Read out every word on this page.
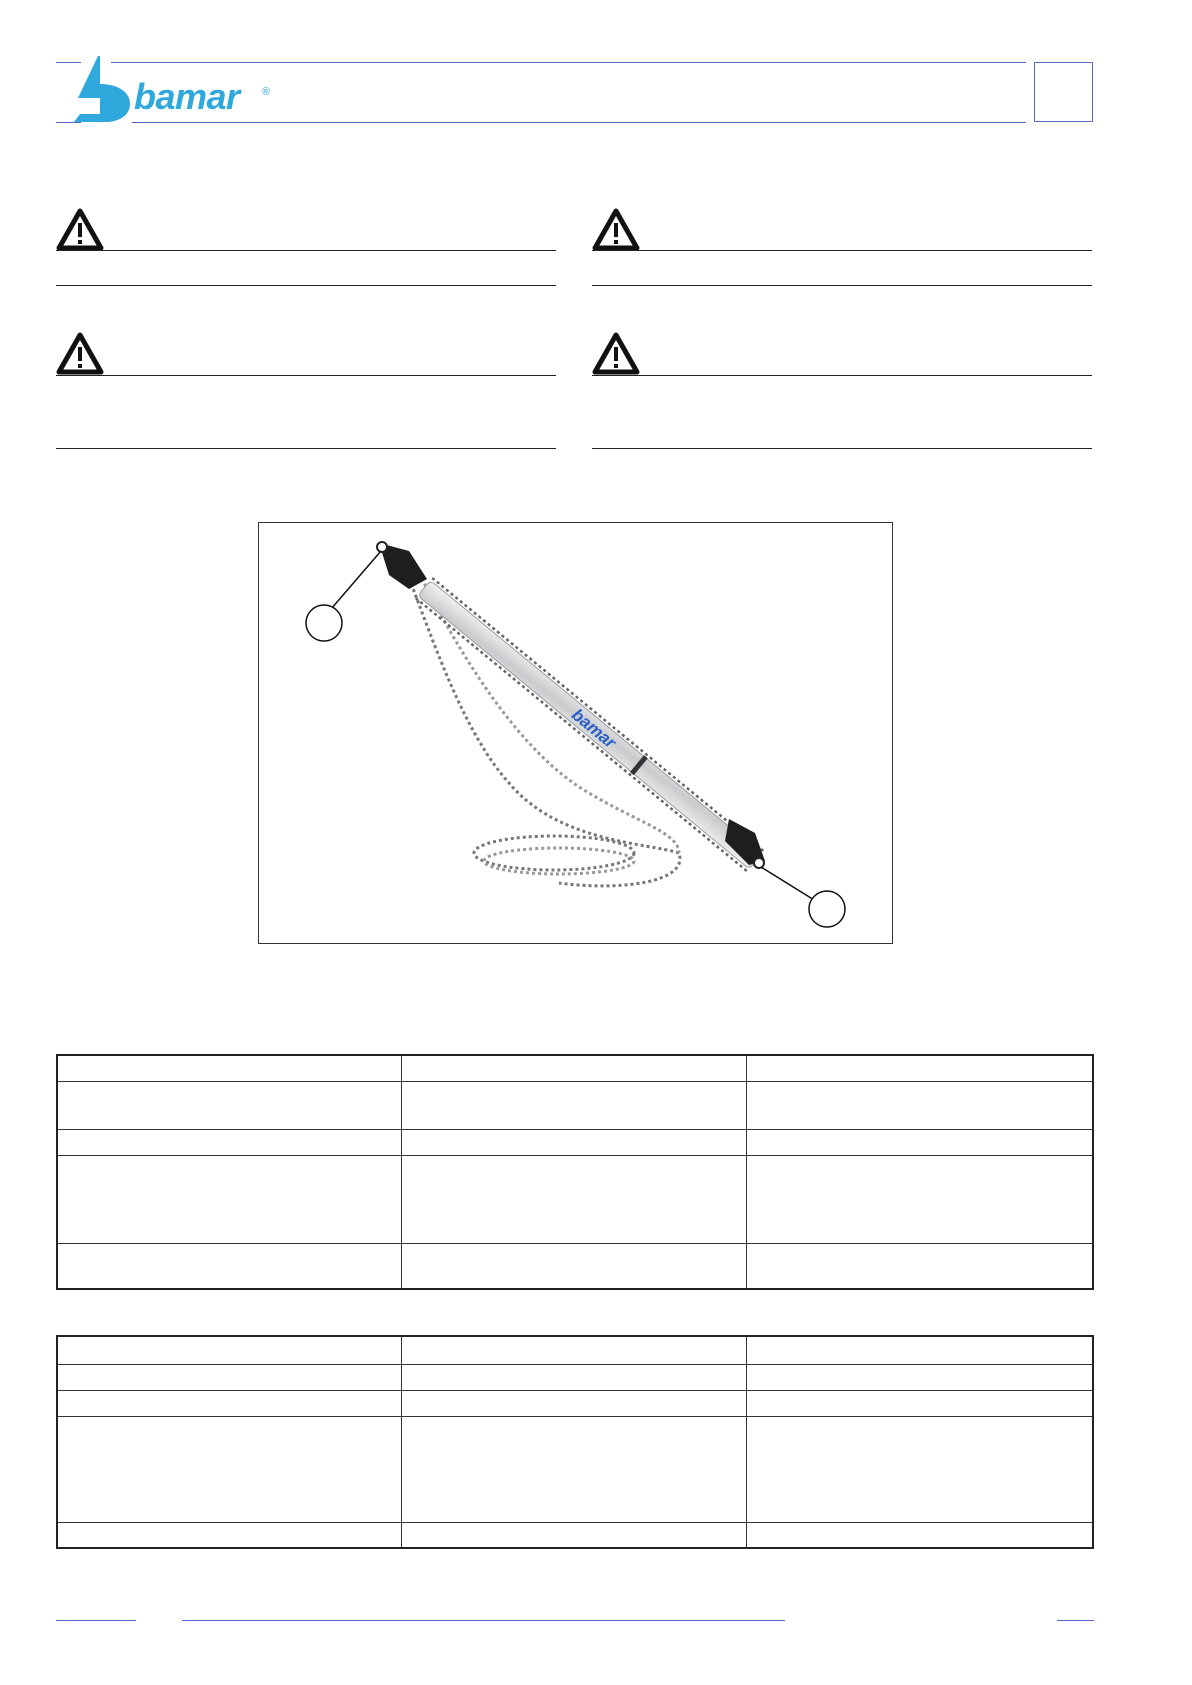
bamar ®
bamar
